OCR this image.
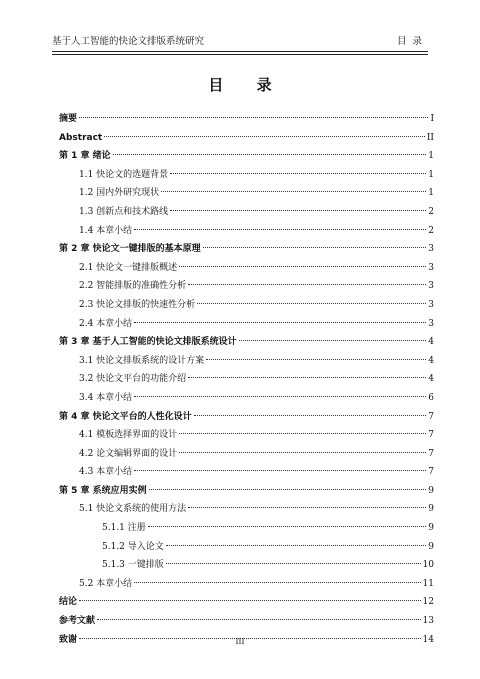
基于人工智能的快论文排版系统研究	目录
目 录
摘要	I
Abstract	II
第 1 章 绪论	1
1.1 快论文的选题背景	1
1.2 国内外研究现状	1
1.3 创新点和技术路线	2
1.4 本章小结	2
第 2 章 快论文一键排版的基本原理	3
2.1 快论文一键排版概述	3
2.2 智能排版的准确性分析	3
2.3 快论文排版的快速性分析	3
2.4 本章小结	3
第 3 章 基于人工智能的快论文排版系统设计	4
3.1 快论文排版系统的设计方案	4
3.2 快论文平台的功能介绍	4
3.4 本章小结	6
第 4 章 快论文平台的人性化设计	7
4.1 模板选择界面的设计	7
4.2 论文编辑界面的设计	7
4.3 本章小结	7
第 5 章 系统应用实例	9
5.1 快论文系统的使用方法	9
5.1.1 注册	9
5.1.2 导入论文	9
5.1.3 一键排版	10
5.2 本章小结	11
结论	12
参考文献	13
致谢	14
III
